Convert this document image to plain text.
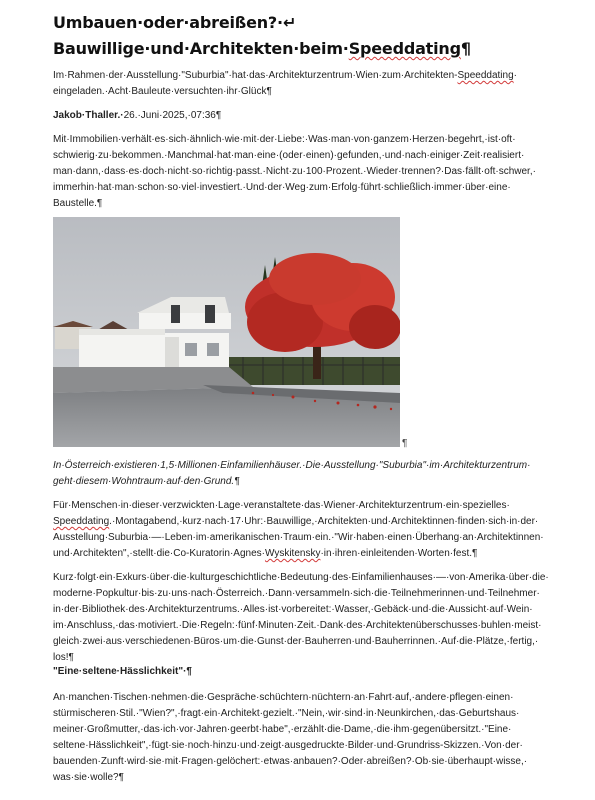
Umbauen·oder·abreißen?·↵
Bauwillige·und·Architekten·beim·Speeddating¶

Im·Rahmen·der·Ausstellung·"Suburbia"·hat·das·Architekturzentrum·Wien·zum·Architekten-Speeddating·

eingeladen.·Acht·Bauleute·versuchten·ihr·Glück¶

Jakob·Thaller.·26.·Juni·2025,·07:36¶

Mit·Immobilien·verhält·es·sich·ähnlich·wie·mit·der·Liebe:·Was·man·von·ganzem·Herzen·begehrt,·ist·oft·

schwierig·zu·bekommen.·Manchmal·hat·man·eine·(oder·einen)·gefunden,·und·nach·einiger·Zeit·realisiert·

man·dann,·dass·es·doch·nicht·so·richtig·passt.·Nicht·zu·100·Prozent.·Wieder·trennen?·Das·fällt·oft·schwer,·

immerhin·hat·man·schon·so·viel·investiert.·Und·der·Weg·zum·Erfolg·führt·schließlich·immer·über·eine·

Baustelle.¶

¶

In·Österreich·existieren·1,5·Millionen·Einfamilienhäuser.·Die·Ausstellung·"Suburbia"·im·Architekturzentrum·

geht·diesem·Wohntraum·auf·den·Grund.¶

Für·Menschen·in·dieser·verzwickten·Lage·veranstaltete·das·Wiener·Architekturzentrum·ein·spezielles·

Speeddating.·Montagabend,·kurz·nach·17·Uhr:·Bauwillige,·Architekten·und·Architektinnen·finden·sich·in·der·

Ausstellung·Suburbia·—·Leben·im·amerikanischen·Traum·ein.·"Wir·haben·einen·Überhang·an·Architektinnen·

und·Architekten",·stellt·die·Co-Kuratorin·Agnes·Wyskitensky·in·ihren·einleitenden·Worten·fest.¶

Kurz·folgt·ein·Exkurs·über·die·kulturgeschichtliche·Bedeutung·des·Einfamilienhauses·—·von·Amerika·über·die·

moderne·Popkultur·bis·zu·uns·nach·Österreich.·Dann·versammeln·sich·die·Teilnehmerinnen·und·Teilnehmer·

in·der·Bibliothek·des·Architekturzentrums.·Alles·ist·vorbereitet:·Wasser,·Gebäck·und·die·Aussicht·auf·Wein·

im·Anschluss,·das·motiviert.·Die·Regeln:·fünf·Minuten·Zeit.·Dank·des·Architektenüberschusses·buhlen·meist·

gleich·zwei·aus·verschiedenen·Büros·um·die·Gunst·der·Bauherren·und·Bauherrinnen.·Auf·die·Plätze,·fertig,·

los!¶

"Eine·seltene·Hässlichkeit"·¶

An·manchen·Tischen·nehmen·die·Gespräche·schüchtern·nüchtern·an·Fahrt·auf,·andere·pflegen·einen·

stürmischeren·Stil.·"Wien?",·fragt·ein·Architekt·gezielt.·"Nein,·wir·sind·in·Neunkirchen,·das·Geburtshaus·

meiner·Großmutter,·das·ich·vor·Jahren·geerbt·habe",·erzählt·die·Dame,·die·ihm·gegenübersitzt.·"Eine·

seltene·Hässlichkeit",·fügt·sie·noch·hinzu·und·zeigt·ausgedruckte·Bilder·und·Grundriss-Skizzen.·Von·der·

bauenden·Zunft·wird·sie·mit·Fragen·gelöchert:·etwas·anbauen?·Oder·abreißen?·Ob·sie·überhaupt·wisse,·

was·sie·wolle?¶
